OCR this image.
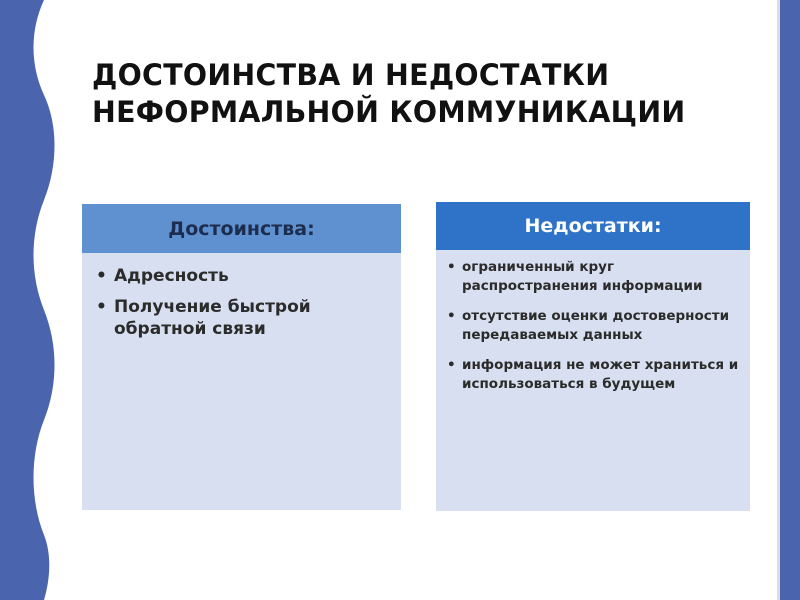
ДОСТОИНСТВА И НЕДОСТАТКИ НЕФОРМАЛЬНОЙ КОММУНИКАЦИИ
Достоинства:
• Адресность
• Получение быстрой обратной связи
Недостатки:
• ограниченный круг распространения информации
• отсутствие оценки достоверности передаваемых данных
• информация не может храниться и использоваться в будущем
